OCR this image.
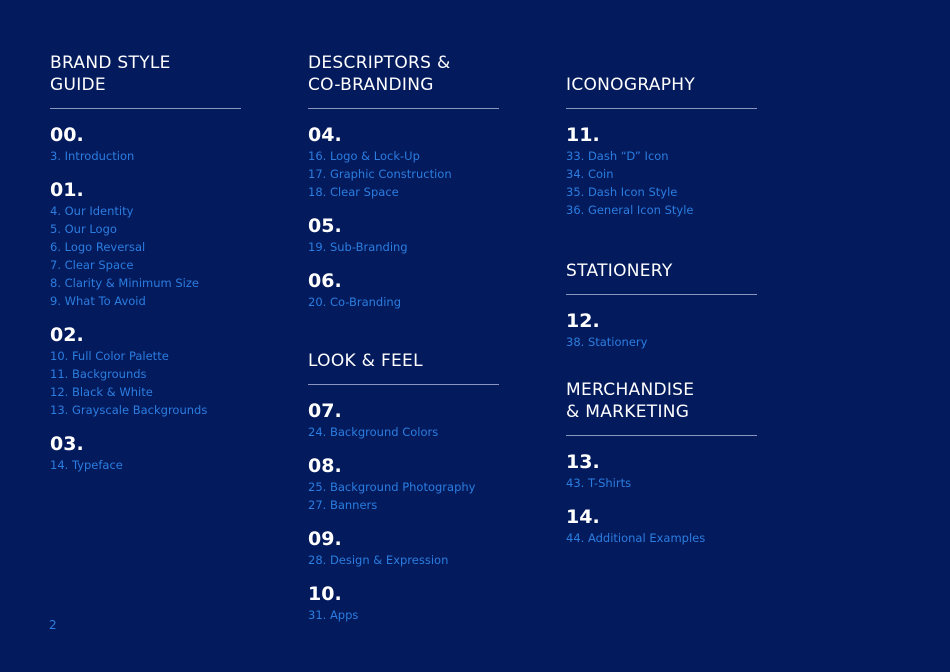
BRAND STYLE
GUIDE
00.
3. Introduction
01.
4. Our Identity
5. Our Logo
6. Logo Reversal
7. Clear Space
8. Clarity & Minimum Size
9. What To Avoid
02.
10. Full Color Palette
11. Backgrounds
12. Black & White
13. Grayscale Backgrounds
03.
14. Typeface
DESCRIPTORS &
CO-BRANDING
04.
16. Logo & Lock-Up
17. Graphic Construction
18. Clear Space
05.
19. Sub-Branding
06.
20. Co-Branding
LOOK & FEEL
07.
24. Background Colors
08.
25. Background Photography
27. Banners
09.
28. Design & Expression
10.
31. Apps
ICONOGRAPHY
11.
33. Dash “D” Icon
34. Coin
35. Dash Icon Style
36. General Icon Style
STATIONERY
12.
38. Stationery
MERCHANDISE
& MARKETING
13.
43. T-Shirts
14.
44. Additional Examples
2
